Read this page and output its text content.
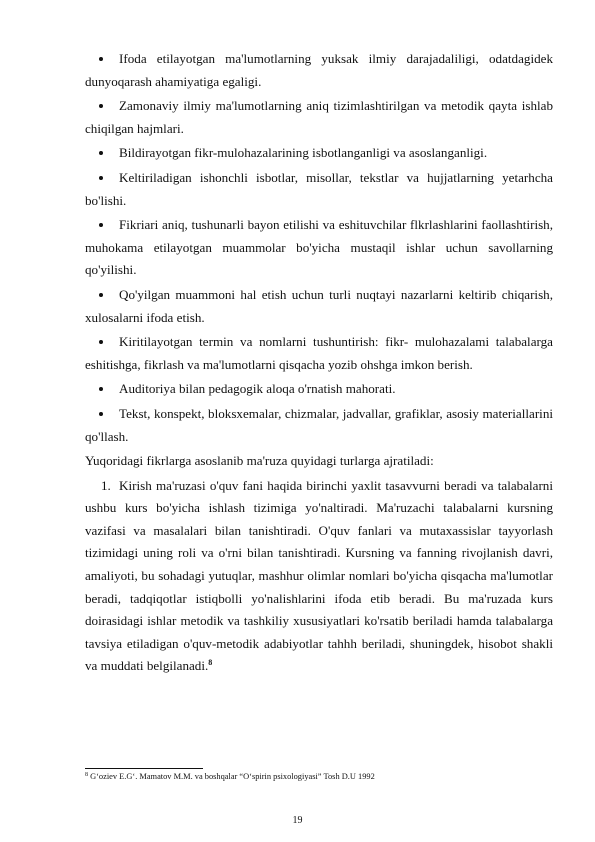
Ifoda etilayotgan ma'lumotlarning yuksak ilmiy darajadaliligi, odatdagidek dunyoqarash ahamiyatiga egaligi.
Zamonaviy ilmiy ma'lumotlarning aniq tizimlashtirilgan va metodik qayta ishlab chiqilgan hajmlari.
Bildirayotgan fikr-mulohazalarining isbotlanganligi va asoslanganligi.
Keltiriladigan ishonchli isbotlar, misollar, tekstlar va hujjatlarning yetarhcha bo'lishi.
Fikriari aniq, tushunarli bayon etilishi va eshituvchilar flkrlashlarini faollashtirish, muhokama etilayotgan muammolar bo'yicha mustaqil ishlar uchun savollarning qo'yilishi.
Qo'yilgan muammoni hal etish uchun turli nuqtayi nazarlarni keltirib chiqarish, xulosalarni ifoda etish.
Kiritilayotgan termin va nomlarni tushuntirish: fikr- mulohazalami talabalarga eshitishga, fikrlash va ma'lumotlarni qisqacha yozib ohshga imkon berish.
Auditoriya bilan pedagogik aloqa o'rnatish mahorati.
Tekst, konspekt, bloksxemalar, chizmalar, jadvallar, grafiklar, asosiy materiallarini qo'llash.

Yuqoridagi fikrlarga asoslanib ma'ruza quyidagi turlarga ajratiladi:

1. Kirish ma'ruzasi o'quv fani haqida birinchi yaxlit tasavvurni beradi va talabalarni ushbu kurs bo'yicha ishlash tizimiga yo'naltiradi. Ma'ruzachi talabalarni kursning vazifasi va masalalari bilan tanishtiradi. O'quv fanlari va mutaxassislar tayyorlash tizimidagi uning roli va o'rni bilan tanishtiradi. Kursning va fanning rivojlanish davri, amaliyoti, bu sohadagi yutuqlar, mashhur olimlar nomlari bo'yicha qisqacha ma'lumotlar beradi, tadqiqotlar istiqbolli yo'nalishlarini ifoda etib beradi. Bu ma'ruzada kurs doirasidagi ishlar metodik va tashkiliy xususiyatlari ko'rsatib beriladi hamda talabalarga tavsiya etiladigan o'quv-metodik adabiyotlar tahhh beriladi, shuningdek, hisobot shakli va muddati belgilanadi.$^8$
$^8$ G‘oziev E.G‘. Mamatov M.M. va boshqalar “O‘spirin psixologiyasi” Tosh D.U 1992
19
